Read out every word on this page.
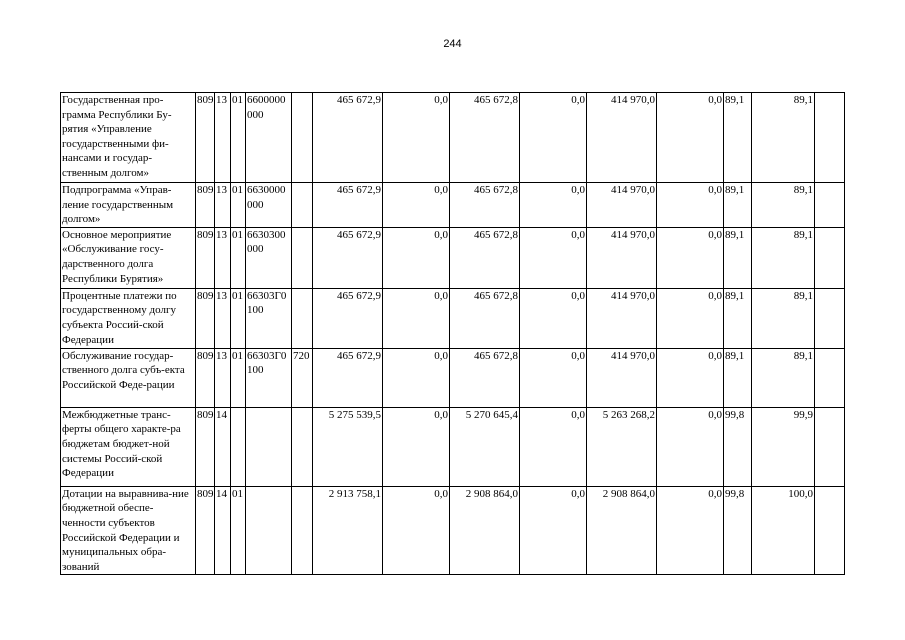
244
Государственная про-грамма Республики Бу-рятия «Управление государственными фи-нансами и государ-ственным долгом»	809	13	01	6600000000		465 672,9	0,0	465 672,8	0,0	414 970,0	0,0	89,1	89,1	
Подпрограмма «Управ-ление государственным долгом»	809	13	01	6630000000		465 672,9	0,0	465 672,8	0,0	414 970,0	0,0	89,1	89,1	
Основное мероприятие «Обслуживание госу-дарственного долга Республики Бурятия»	809	13	01	6630300000		465 672,9	0,0	465 672,8	0,0	414 970,0	0,0	89,1	89,1	
Процентные платежи по государственному долгу субъекта Россий-ской Федерации	809	13	01	66303Г0100		465 672,9	0,0	465 672,8	0,0	414 970,0	0,0	89,1	89,1	
Обслуживание государ-ственного долга субъ-екта Российской Феде-рации	809	13	01	66303Г0100	720	465 672,9	0,0	465 672,8	0,0	414 970,0	0,0	89,1	89,1	
Межбюджетные транс-ферты общего характе-ра бюджетам бюджет-ной системы Россий-ской Федерации	809	14				5 275 539,5	0,0	5 270 645,4	0,0	5 263 268,2	0,0	99,8	99,9	
Дотации на выравнива-ние бюджетной обеспе-ченности субъектов Российской Федерации и муниципальных обра-зований	809	14	01			2 913 758,1	0,0	2 908 864,0	0,0	2 908 864,0	0,0	99,8	100,0	
